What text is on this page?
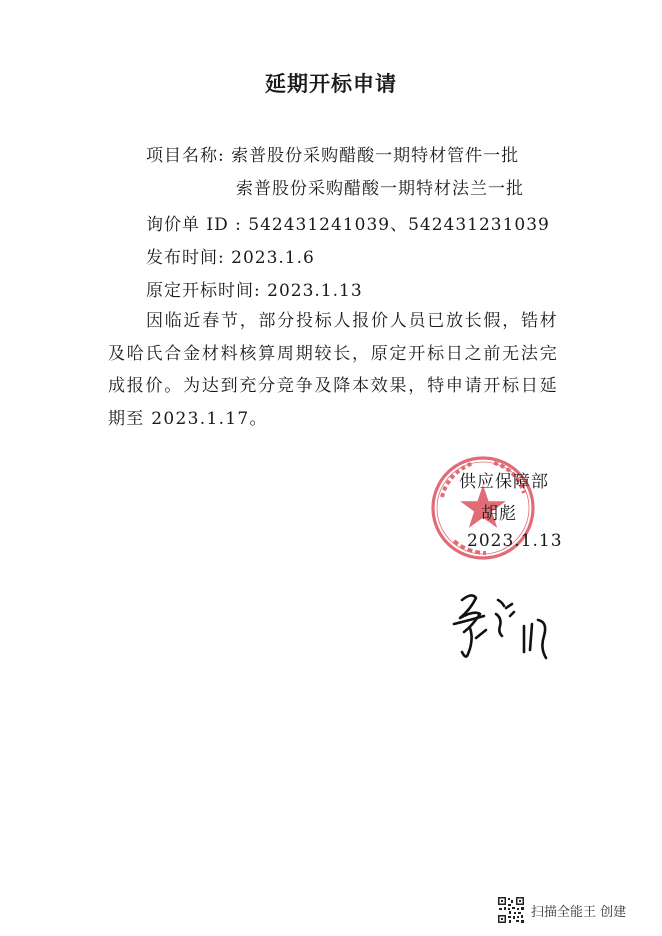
延期开标申请
项目名称: 索普股份采购醋酸一期特材管件一批
索普股份采购醋酸一期特材法兰一批
询价单 ID : 542431241039、542431231039
发布时间: 2023.1.6
原定开标时间: 2023.1.13
因临近春节，部分投标人报价人员已放长假，锆材及哈氏合金材料核算周期较长，原定开标日之前无法完成报价。为达到充分竞争及降本效果，特申请开标日延期至 2023.1.17。
供应保障部
胡彪
2023.1.13
扫描全能王 创建
